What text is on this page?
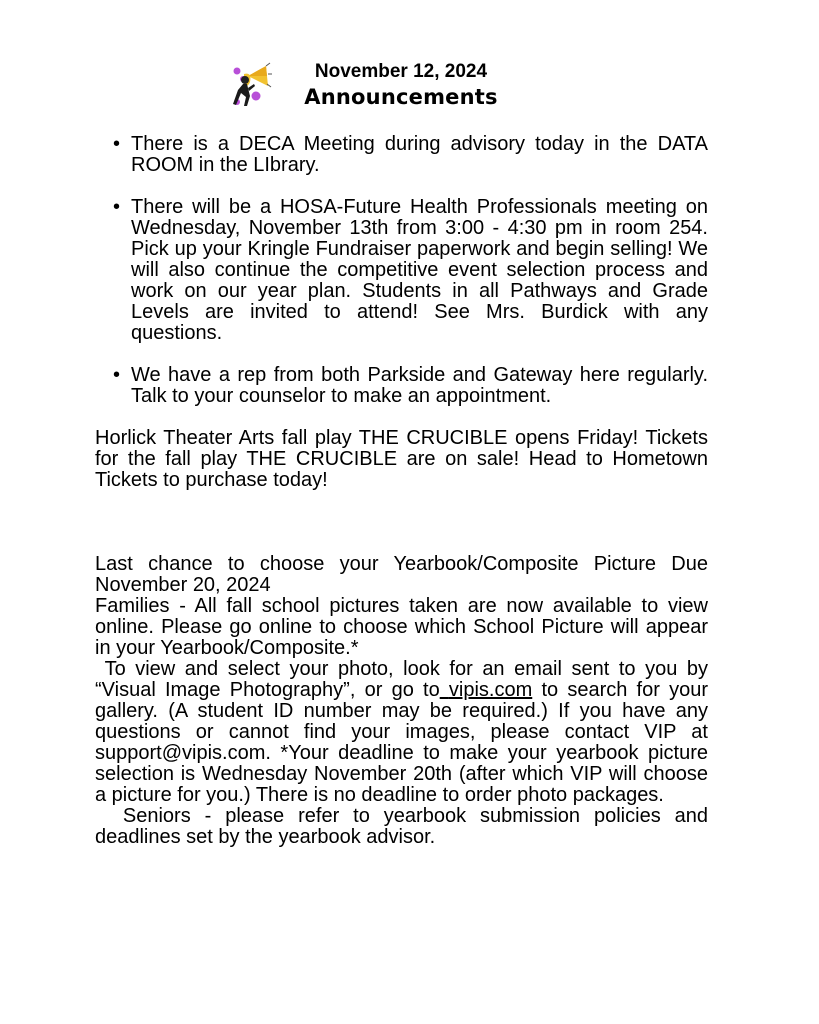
November 12, 2024
Announcements
• There is a DECA Meeting during advisory today in the DATA ROOM in the LIbrary.
• There will be a HOSA-Future Health Professionals meeting on Wednesday, November 13th from 3:00 - 4:30 pm in room 254. Pick up your Kringle Fundraiser paperwork and begin selling! We will also continue the competitive event selection process and work on our year plan. Students in all Pathways and Grade Levels are invited to attend! See Mrs. Burdick with any questions.
• We have a rep from both Parkside and Gateway here regularly. Talk to your counselor to make an appointment.

Horlick Theater Arts fall play THE CRUCIBLE opens Friday! Tickets for the fall play THE CRUCIBLE are on sale! Head to Hometown Tickets to purchase today!

Last chance to choose your Yearbook/Composite Picture Due November 20, 2024

Families - All fall school pictures taken are now available to view online. Please go online to choose which School Picture will appear in your Yearbook/Composite.*

To view and select your photo, look for an email sent to you by “Visual Image Photography”, or go to vipis.com to search for your gallery. (A student ID number may be required.) If you have any questions or cannot find your images, please contact VIP at support@vipis.com. *Your deadline to make your yearbook picture selection is Wednesday November 20th (after which VIP will choose a picture for you.) There is no deadline to order photo packages.

Seniors - please refer to yearbook submission policies and deadlines set by the yearbook advisor.
